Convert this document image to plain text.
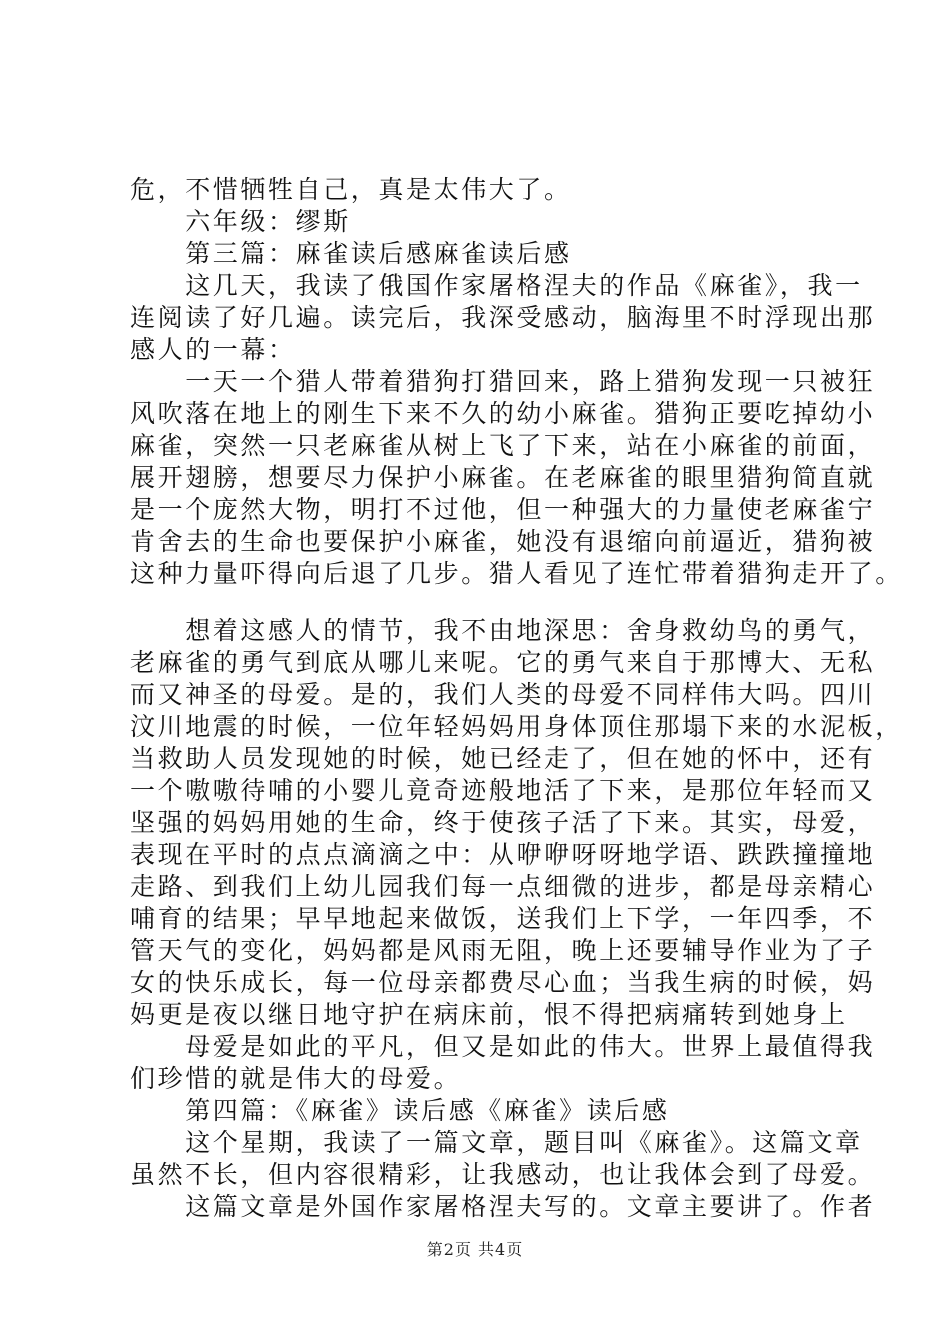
危，不惜牺牲自己，真是太伟大了。
　　六年级：缪斯
　　第三篇：麻雀读后感麻雀读后感
　　这几天，我读了俄国作家屠格涅夫的作品《麻雀》，我一
连阅读了好几遍。读完后，我深受感动，脑海里不时浮现出那
感人的一幕：
　　一天一个猎人带着猎狗打猎回来，路上猎狗发现一只被狂
风吹落在地上的刚生下来不久的幼小麻雀。猎狗正要吃掉幼小
麻雀，突然一只老麻雀从树上飞了下来，站在小麻雀的前面，
展开翅膀，想要尽力保护小麻雀。在老麻雀的眼里猎狗简直就
是一个庞然大物，明打不过他，但一种强大的力量使老麻雀宁
肯舍去的生命也要保护小麻雀，她没有退缩向前逼近，猎狗被
这种力量吓得向后退了几步。猎人看见了连忙带着猎狗走开了。
　　想着这感人的情节，我不由地深思：舍身救幼鸟的勇气，
老麻雀的勇气到底从哪儿来呢。它的勇气来自于那博大、无私
而又神圣的母爱。是的，我们人类的母爱不同样伟大吗。四川
汶川地震的时候，一位年轻妈妈用身体顶住那塌下来的水泥板，
当救助人员发现她的时候，她已经走了，但在她的怀中，还有
一个嗷嗷待哺的小婴儿竟奇迹般地活了下来，是那位年轻而又
坚强的妈妈用她的生命，终于使孩子活了下来。其实，母爱，
表现在平时的点点滴滴之中：从咿咿呀呀地学语、跌跌撞撞地
走路、到我们上幼儿园我们每一点细微的进步，都是母亲精心
哺育的结果；早早地起来做饭，送我们上下学，一年四季，不
管天气的变化，妈妈都是风雨无阻，晚上还要辅导作业为了子
女的快乐成长，每一位母亲都费尽心血；当我生病的时候，妈
妈更是夜以继日地守护在病床前，恨不得把病痛转到她身上
　　母爱是如此的平凡，但又是如此的伟大。世界上最值得我
们珍惜的就是伟大的母爱。
　　第四篇：《麻雀》读后感《麻雀》读后感
　　这个星期，我读了一篇文章，题目叫《麻雀》。这篇文章
虽然不长，但内容很精彩，让我感动，也让我体会到了母爱。
　　这篇文章是外国作家屠格涅夫写的。文章主要讲了。作者
第2页 共4页
